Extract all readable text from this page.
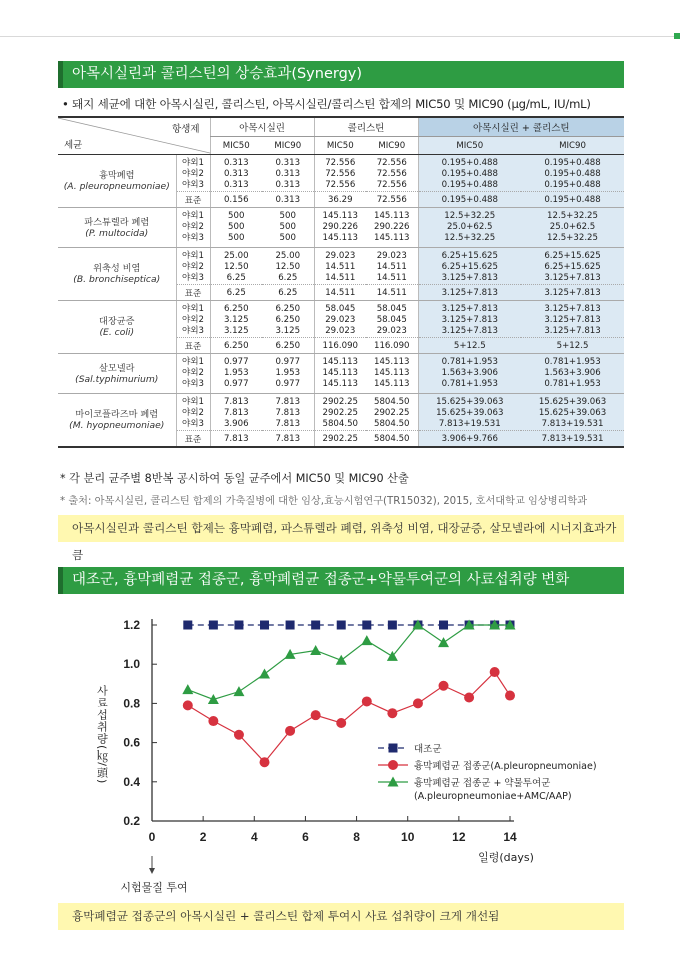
아목시실린과 콜리스틴의 상승효과(Synergy)
• 돼지 세균에 대한 아목시실린, 콜리스틴, 아목시실린/콜리스틴 합제의 MIC50 및 MIC90 (μg/mL, IU/mL)
항생제
세균		아목시실린		콜리스틴		아목시실린 + 콜리스틴	
		MIC50	MIC90	MIC50	MIC90	MIC50	MIC90

흉막폐렴
(A. pleuropneumoniae)	야외1	0.313	0.313	72.556	72.556	0.195+0.488	0.195+0.488
	야외2	0.313	0.313	72.556	72.556	0.195+0.488	0.195+0.488
	야외3	0.313	0.313	72.556	72.556	0.195+0.488	0.195+0.488
	표준	0.156	0.313	36.29	72.556	0.195+0.488	0.195+0.488

파스튜렐라 폐렴
(P. multocida)	야외1	500	500	145.113	145.113	12.5+32.25	12.5+32.25
	야외2	500	500	290.226	290.226	25.0+62.5	25.0+62.5
	야외3	500	500	145.113	145.113	12.5+32.25	12.5+32.25

위축성 비염
(B. bronchiseptica)	야외1	25.00	25.00	29.023	29.023	6.25+15.625	6.25+15.625
	야외2	12.50	12.50	14.511	14.511	6.25+15.625	6.25+15.625
	야외3	6.25	6.25	14.511	14.511	3.125+7.813	3.125+7.813
	표준	6.25	6.25	14.511	14.511	3.125+7.813	3.125+7.813

대장균증
(E. coli)	야외1	6.250	6.250	58.045	58.045	3.125+7.813	3.125+7.813
	야외2	3.125	6.250	29.023	58.045	3.125+7.813	3.125+7.813
	야외3	3.125	3.125	29.023	29.023	3.125+7.813	3.125+7.813
	표준	6.250	6.250	116.090	116.090	5+12.5	5+12.5

살모넬라
(Sal.typhimurium)	야외1	0.977	0.977	145.113	145.113	0.781+1.953	0.781+1.953
	야외2	1.953	1.953	145.113	145.113	1.563+3.906	1.563+3.906
	야외3	0.977	0.977	145.113	145.113	0.781+1.953	0.781+1.953

마이코플라즈마 폐렴
(M. hyopneumoniae)	야외1	7.813	7.813	2902.25	5804.50	15.625+39.063	15.625+39.063
	야외2	7.813	7.813	2902.25	2902.25	15.625+39.063	15.625+39.063
	야외3	3.906	7.813	5804.50	5804.50	7.813+19.531	7.813+19.531
	표준	7.813	7.813	2902.25	5804.50	3.906+9.766	7.813+19.531
* 각 분리 균주별 8반복 공시하여 동일 균주에서 MIC50 및 MIC90 산출
* 출처: 아목시실린, 콜리스틴 합제의 가축질병에 대한 임상,효능시험연구(TR15032), 2015, 호서대학교 임상병리학과
아목시실린과 콜리스틴 합제는 흉막폐렴, 파스튜렐라 폐렴, 위축성 비염, 대장균증, 살모넬라에 시너지효과가 큼
대조군, 흉막폐렴균 접종군, 흉막폐렴균 접종군+약물투여군의 사료섭취량 변화
0.2
0.4
0.6
0.8
1.0
1.2
0	2	4	6	8	10	12	14
사료섭취량(㎏/頭)
일령(days)
시험물질 투여
대조군
흉막폐렴균 접종군(A.pleuropneumoniae)
흉막폐렴균 접종군 + 약물투여군
(A.pleuropneumoniae+AMC/AAP)
흉막폐렴균 접종군의 아목시실린 + 콜리스틴 합제 투여시 사료 섭취량이 크게 개선됨
